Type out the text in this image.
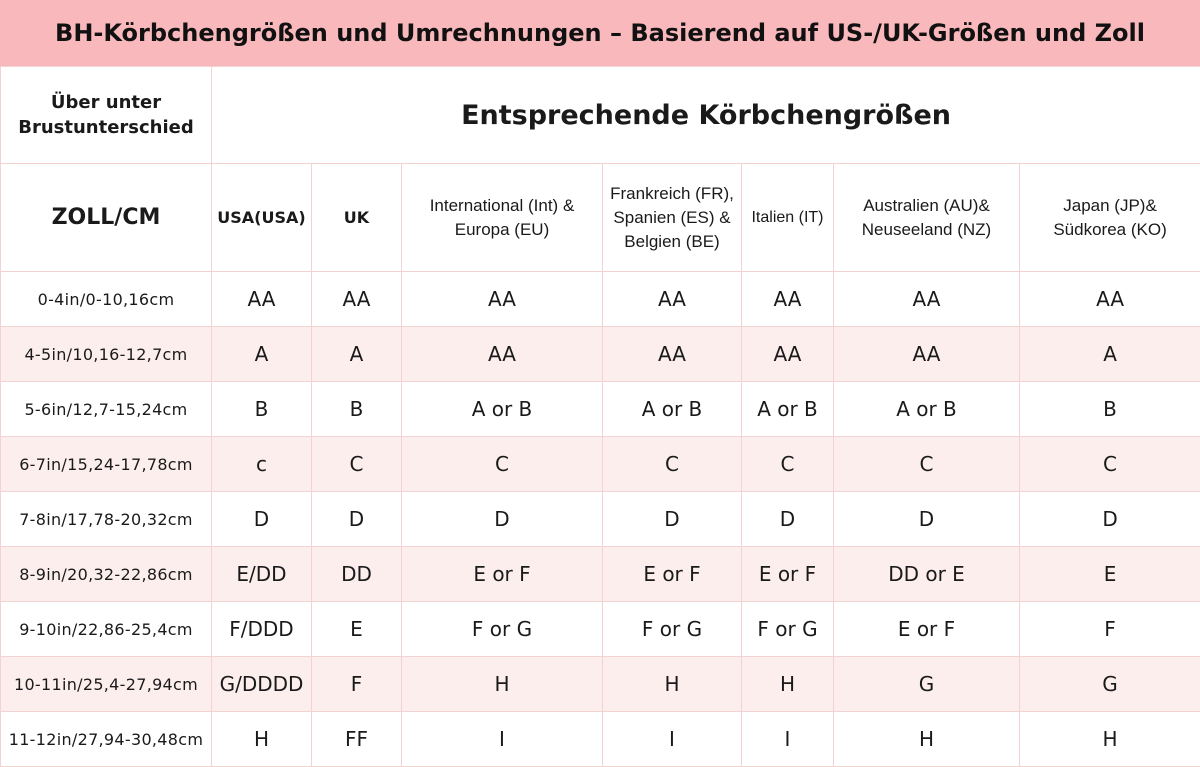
BH-Körbchengrößen und Umrechnungen – Basierend auf US-/UK-Größen und Zoll
Über unter Brustunterschied	Entsprechende Körbchengrößen						
ZOLL/CM	USA(USA)	UK	International (Int) & Europa (EU)	Frankreich (FR), Spanien (ES) & Belgien (BE)	Italien (IT)	Australien (AU)& Neuseeland (NZ)	Japan (JP)& Südkorea (KO)
0-4in/0-10,16cm	AA	AA	AA	AA	AA	AA	AA
4-5in/10,16-12,7cm	A	A	AA	AA	AA	AA	A
5-6in/12,7-15,24cm	B	B	A or B	A or B	A or B	A or B	B
6-7in/15,24-17,78cm	c	C	C	C	C	C	C
7-8in/17,78-20,32cm	D	D	D	D	D	D	D
8-9in/20,32-22,86cm	E/DD	DD	E or F	E or F	E or F	DD or E	E
9-10in/22,86-25,4cm	F/DDD	E	F or G	F or G	F or G	E or F	F
10-11in/25,4-27,94cm	G/DDDD	F	H	H	H	G	G
11-12in/27,94-30,48cm	H	FF	I	I	I	H	H
